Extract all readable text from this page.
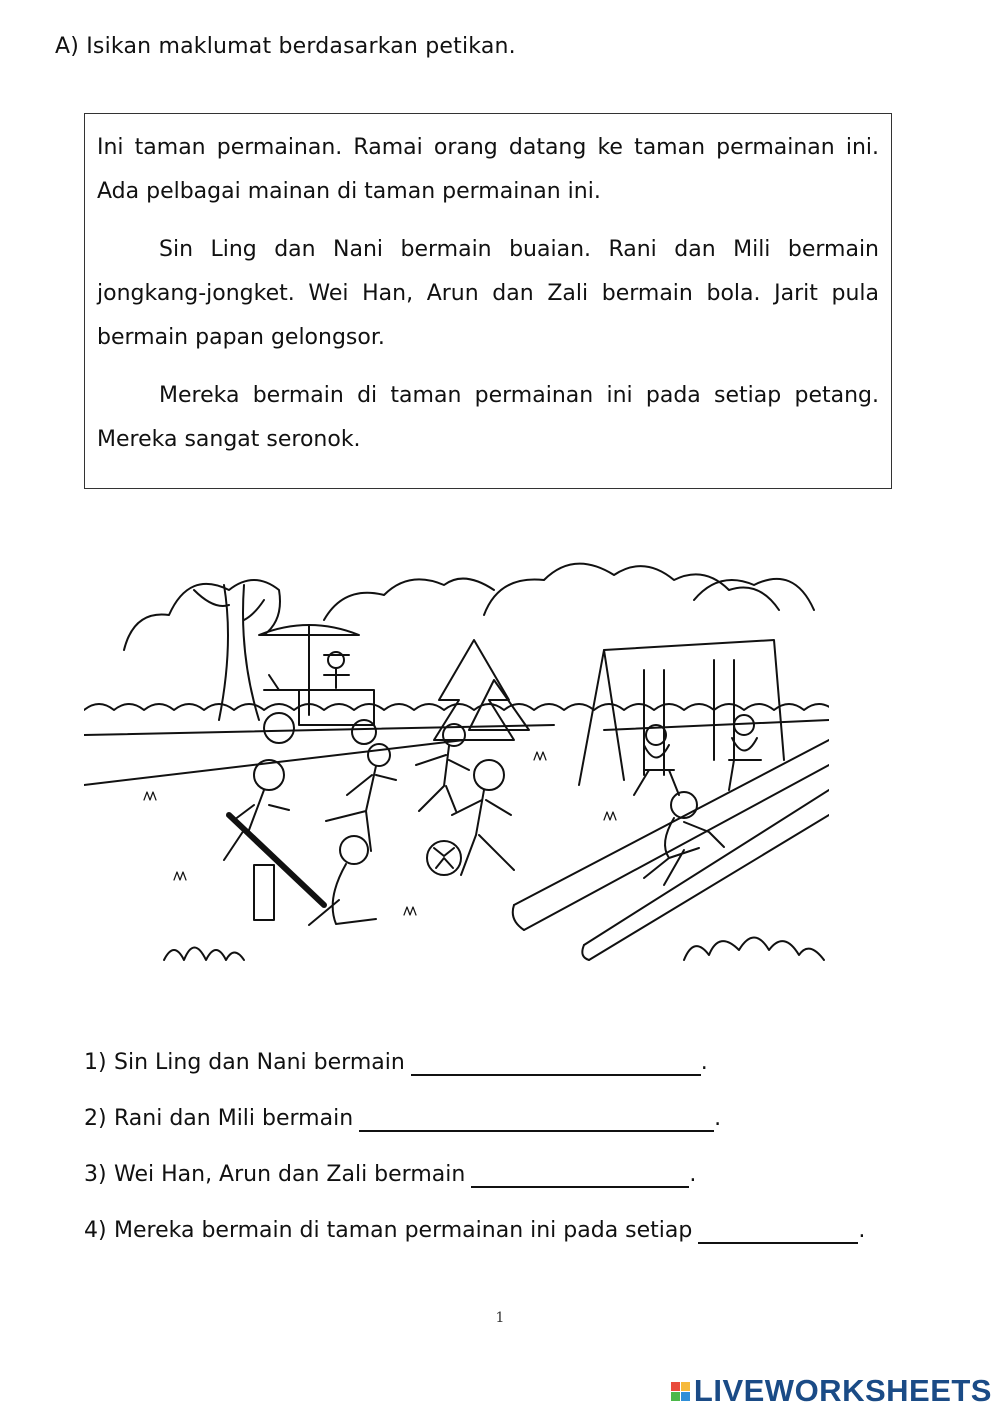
A) Isikan maklumat berdasarkan petikan.

Ini taman permainan. Ramai orang datang ke taman permainan ini. Ada pelbagai mainan di taman permainan ini.

Sin Ling dan Nani bermain buaian. Rani dan Mili bermain jongkang-jongket. Wei Han, Arun dan Zali bermain bola. Jarit pula bermain papan gelongsor.

Mereka bermain di taman permainan ini pada setiap petang. Mereka sangat seronok.

1) Sin Ling dan Nani bermain	.
2) Rani dan Mili bermain	.
3) Wei Han, Arun dan Zali bermain	.
4) Mereka bermain di taman permainan ini pada setiap	.
1
LIVEWORKSHEETS
